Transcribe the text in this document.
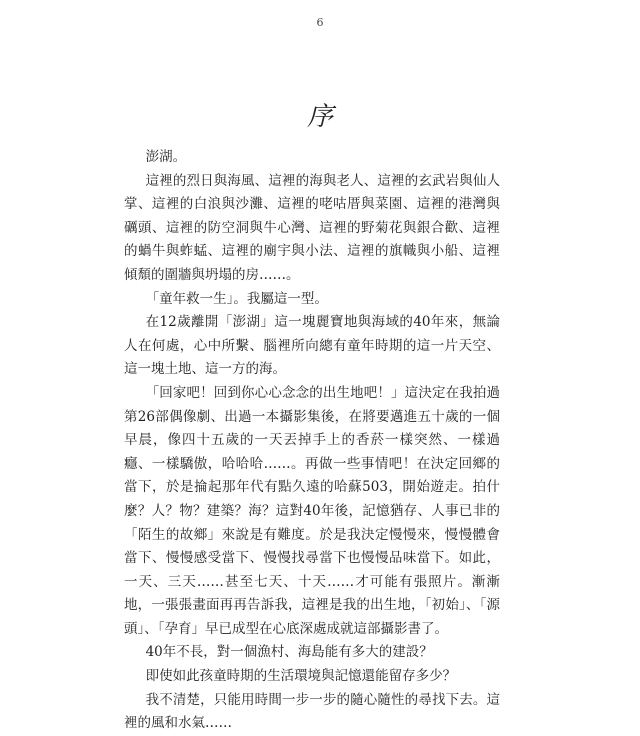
6
序

澎湖。

這裡的烈日與海風、這裡的海與老人、這裡的玄武岩與仙人掌、這裡的白浪與沙灘、這裡的咾咕厝與菜園、這裡的港灣與礪頭、這裡的防空洞與牛心灣、這裡的野菊花與銀合歡、這裡的蝸牛與蚱蜢、這裡的廟宇與小法、這裡的旗幟與小船、這裡傾頹的圍牆與坍塌的房……。

「童年救一生」。我屬這一型。

在12歲離開「澎湖」這一塊麗寶地與海域的40年來，無論人在何處，心中所繫、腦裡所向總有童年時期的這一片天空、這一塊土地、這一方的海。

「回家吧！回到你心心念念的出生地吧！」這決定在我拍過第26部偶像劇、出過一本攝影集後，在將要邁進五十歲的一個早晨，像四十五歲的一天丟掉手上的香菸一樣突然、一樣過癮、一樣驕傲，哈哈哈……。再做一些事情吧！在決定回鄉的當下，於是掄起那年代有點久遠的哈蘇503，開始遊走。拍什麼？人？物？建築？海？這對40年後，記憶猶存、人事已非的「陌生的故鄉」來說是有難度。於是我決定慢慢來，慢慢體會當下、慢慢感受當下、慢慢找尋當下也慢慢品味當下。如此，一天、三天……甚至七天、十天……才可能有張照片。漸漸地，一張張畫面再再告訴我，這裡是我的出生地，「初始」、「源頭」、「孕育」早已成型在心底深處成就這部攝影書了。

40年不長，對一個漁村、海島能有多大的建設？

即使如此孩童時期的生活環境與記憶還能留存多少？

我不清楚，只能用時間一步一步的隨心隨性的尋找下去。這裡的風和水氣……
